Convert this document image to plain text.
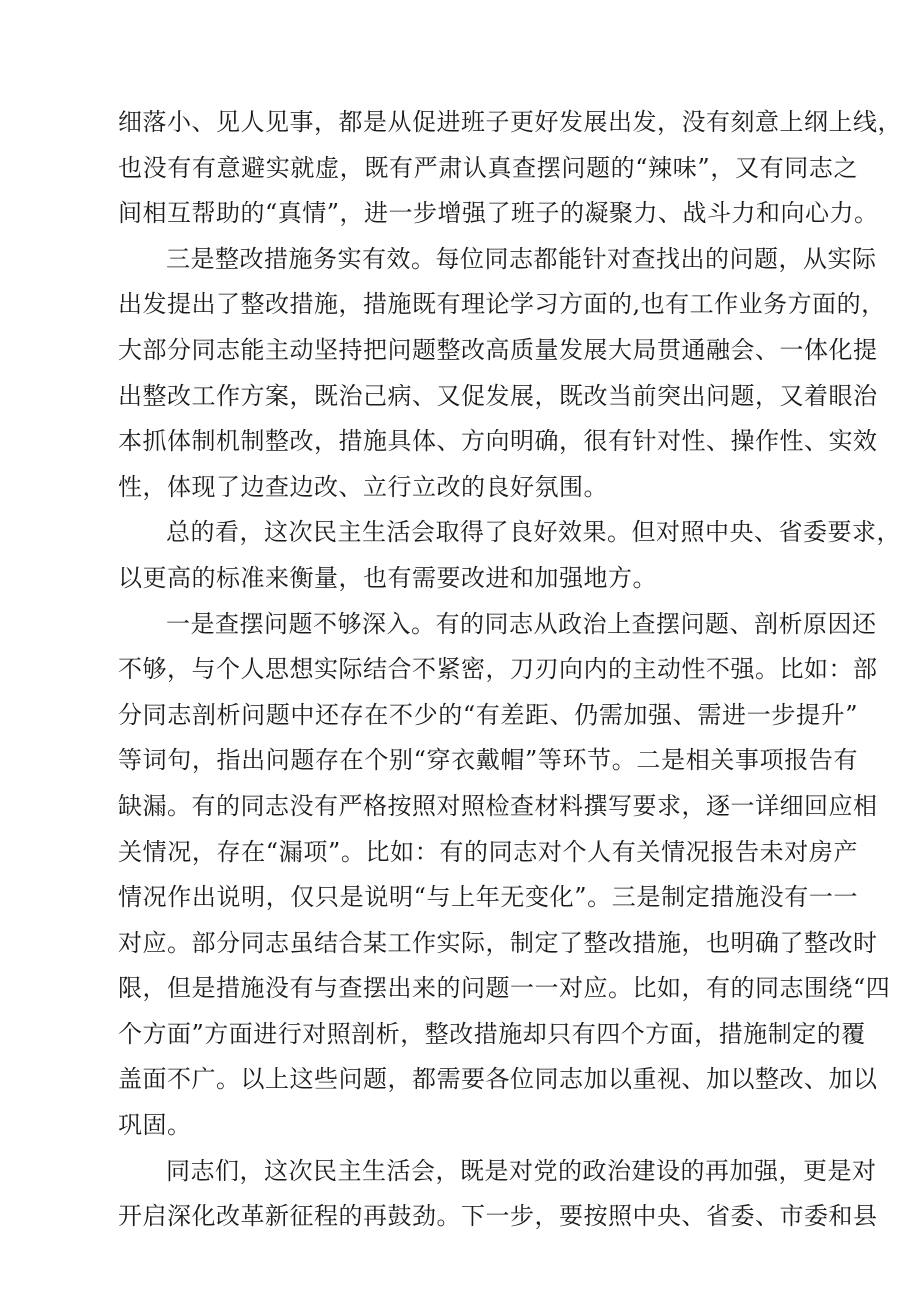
细落小、见人见事，都是从促进班子更好发展出发，没有刻意上纲上线，
也没有有意避实就虚，既有严肃认真查摆问题的“辣味”，又有同志之
间相互帮助的“真情”，进一步增强了班子的凝聚力、战斗力和向心力。
三是整改措施务实有效。每位同志都能针对查找出的问题，从实际
出发提出了整改措施，措施既有理论学习方面的,也有工作业务方面的，
大部分同志能主动坚持把问题整改高质量发展大局贯通融会、一体化提
出整改工作方案，既治己病、又促发展，既改当前突出问题，又着眼治
本抓体制机制整改，措施具体、方向明确，很有针对性、操作性、实效
性，体现了边查边改、立行立改的良好氛围。
总的看，这次民主生活会取得了良好效果。但对照中央、省委要求，
以更高的标准来衡量，也有需要改进和加强地方。
一是查摆问题不够深入。有的同志从政治上查摆问题、剖析原因还
不够，与个人思想实际结合不紧密，刀刃向内的主动性不强。比如：部
分同志剖析问题中还存在不少的“有差距、仍需加强、需进一步提升”
等词句，指出问题存在个别“穿衣戴帽”等环节。二是相关事项报告有
缺漏。有的同志没有严格按照对照检查材料撰写要求，逐一详细回应相
关情况，存在“漏项”。比如：有的同志对个人有关情况报告未对房产
情况作出说明，仅只是说明“与上年无变化”。三是制定措施没有一一
对应。部分同志虽结合某工作实际，制定了整改措施，也明确了整改时
限，但是措施没有与查摆出来的问题一一对应。比如，有的同志围绕“四
个方面”方面进行对照剖析，整改措施却只有四个方面，措施制定的覆
盖面不广。以上这些问题，都需要各位同志加以重视、加以整改、加以
巩固。
同志们，这次民主生活会，既是对党的政治建设的再加强，更是对
开启深化改革新征程的再鼓劲。下一步，要按照中央、省委、市委和县
